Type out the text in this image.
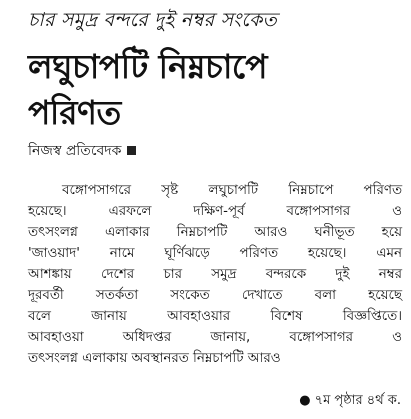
চার সমুদ্র বন্দরে দুই নম্বর সংকেত
লঘুচাপটি নিম্নচাপে
পরিণত
নিজস্ব প্রতিবেদক

বঙ্গোপসাগরে সৃষ্ট লঘুচাপটি নিম্নচাপে পরিণত

হয়েছে। এরফলে দক্ষিণ-পূর্ব বঙ্গোপসাগর ও

তৎসংলগ্ন এলাকার নিম্নচাপটি আরও ঘনীভূত হয়ে

'জাওয়াদ' নামে ঘূর্ণিঝড়ে পরিণত হয়েছে। এমন

আশঙ্কায় দেশের চার সমুদ্র বন্দরকে দুই নম্বর

দূরবর্তী সতর্কতা সংকেত দেখাতে বলা হয়েছে

বলে জানায় আবহাওয়ার বিশেষ বিজ্ঞপ্তিতে।

আবহাওয়া অধিদপ্তর জানায়, বঙ্গোপসাগর ও

তৎসংলগ্ন এলাকায় অবস্থানরত নিম্নচাপটি আরও

● ৭ম পৃষ্ঠার ৪র্থ ক.
